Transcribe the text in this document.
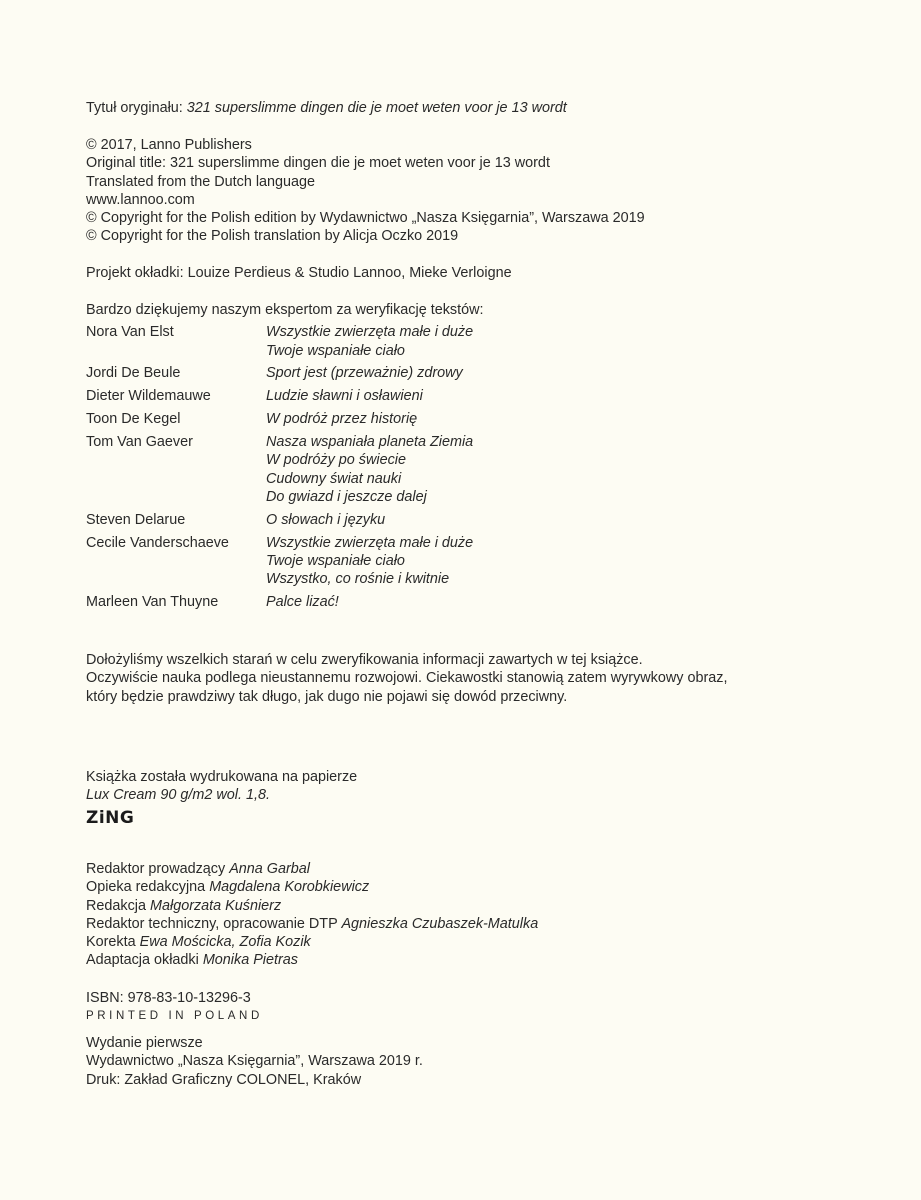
Tytuł oryginału: 321 superslimme dingen die je moet weten voor je 13 wordt
© 2017, Lanno Publishers
Original title: 321 superslimme dingen die je moet weten voor je 13 wordt
Translated from the Dutch language
www.lannoo.com
© Copyright for the Polish edition by Wydawnictwo „Nasza Księgarnia”, Warszawa 2019
© Copyright for the Polish translation by Alicja Oczko 2019
Projekt okładki: Louize Perdieus & Studio Lannoo, Mieke Verloigne
Bardzo dziękujemy naszym ekspertom za weryfikację tekstów:
Nora Van Elst	Wszystkie zwierzęta małe i duże
Twoje wspaniałe ciało
Jordi De Beule	Sport jest (przeważnie) zdrowy
Dieter Wildemauwe	Ludzie sławni i osławieni
Toon De Kegel	W podróż przez historię
Tom Van Gaever	Nasza wspaniała planeta Ziemia
W podróży po świecie
Cudowny świat nauki
Do gwiazd i jeszcze dalej
Steven Delarue	O słowach i języku
Cecile Vanderschaeve	Wszystkie zwierzęta małe i duże
Twoje wspaniałe ciało
Wszystko, co rośnie i kwitnie
Marleen Van Thuyne	Palce lizać!
Dołożyliśmy wszelkich starań w celu zweryfikowania informacji zawartych w tej książce.
Oczywiście nauka podlega nieustannemu rozwojowi. Ciekawostki stanowią zatem wyrywkowy obraz,
który będzie prawdziwy tak długo, jak dugo nie pojawi się dowód przeciwny.
Książka została wydrukowana na papierze
Lux Cream 90 g/m2 wol. 1,8.
ZiNG
Redaktor prowadzący Anna Garbal
Opieka redakcyjna Magdalena Korobkiewicz
Redakcja Małgorzata Kuśnierz
Redaktor techniczny, opracowanie DTP Agnieszka Czubaszek-Matulka
Korekta Ewa Mościcka, Zofia Kozik
Adaptacja okładki Monika Pietras
ISBN: 978-83-10-13296-3
PRINTED IN POLAND
Wydanie pierwsze
Wydawnictwo „Nasza Księgarnia”, Warszawa 2019 r.
Druk: Zakład Graficzny COLONEL, Kraków
